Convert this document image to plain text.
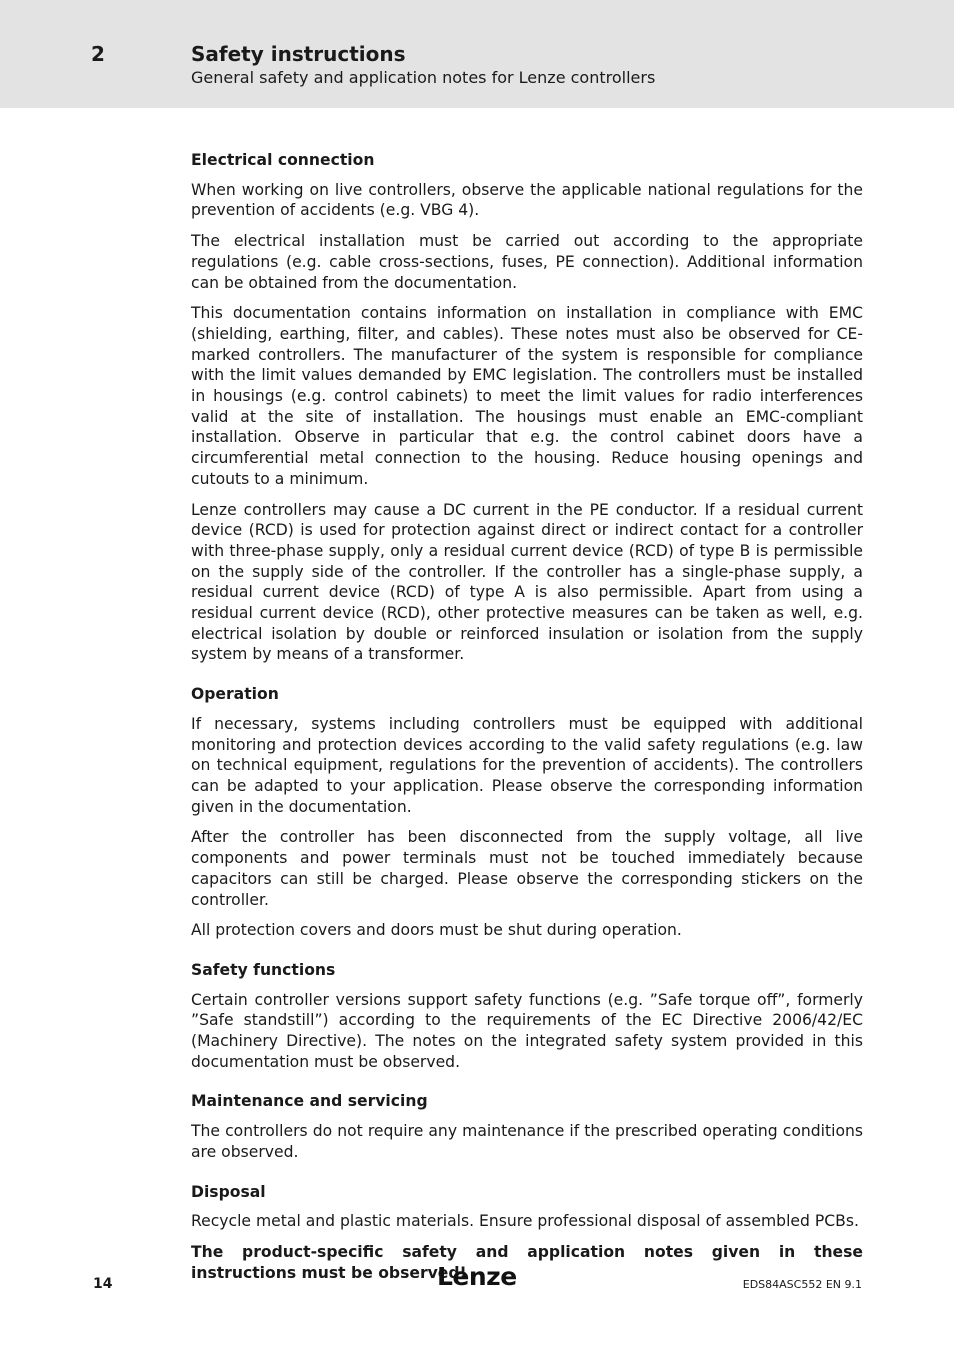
2	Safety instructions
General safety and application notes for Lenze controllers
Electrical connection

When working on live controllers, observe the applicable national regulations for the prevention of accidents (e.g. VBG 4).

The electrical installation must be carried out according to the appropriate regulations (e.g. cable cross-sections, fuses, PE connection). Additional information can be obtained from the documentation.

This documentation contains information on installation in compliance with EMC (shielding, earthing, filter, and cables). These notes must also be observed for CE-marked controllers. The manufacturer of the system is responsible for compliance with the limit values demanded by EMC legislation. The controllers must be installed in housings (e.g. control cabinets) to meet the limit values for radio interferences valid at the site of installation. The housings must enable an EMC-compliant installation. Observe in particular that e.g. the control cabinet doors have a circumferential metal connection to the housing. Reduce housing openings and cutouts to a minimum.

Lenze controllers may cause a DC current in the PE conductor. If a residual current device (RCD) is used for protection against direct or indirect contact for a controller with three-phase supply, only a residual current device (RCD) of type B is permissible on the supply side of the controller. If the controller has a single-phase supply, a residual current device (RCD) of type A is also permissible. Apart from using a residual current device (RCD), other protective measures can be taken as well, e.g. electrical isolation by double or reinforced insulation or isolation from the supply system by means of a transformer.

Operation

If necessary, systems including controllers must be equipped with additional monitoring and protection devices according to the valid safety regulations (e.g. law on technical equipment, regulations for the prevention of accidents). The controllers can be adapted to your application. Please observe the corresponding information given in the documentation.

After the controller has been disconnected from the supply voltage, all live components and power terminals must not be touched immediately because capacitors can still be charged. Please observe the corresponding stickers on the controller.

All protection covers and doors must be shut during operation.

Safety functions

Certain controller versions support safety functions (e.g. ”Safe torque off”, formerly ”Safe standstill”) according to the requirements of the EC Directive 2006/42/EC (Machinery Directive). The notes on the integrated safety system provided in this documentation must be observed.

Maintenance and servicing

The controllers do not require any maintenance if the prescribed operating conditions are observed.

Disposal

Recycle metal and plastic materials. Ensure professional disposal of assembled PCBs.

The product-specific safety and application notes given in these instructions must be observed!

14	Lenze	EDS84ASC552 EN 9.1
